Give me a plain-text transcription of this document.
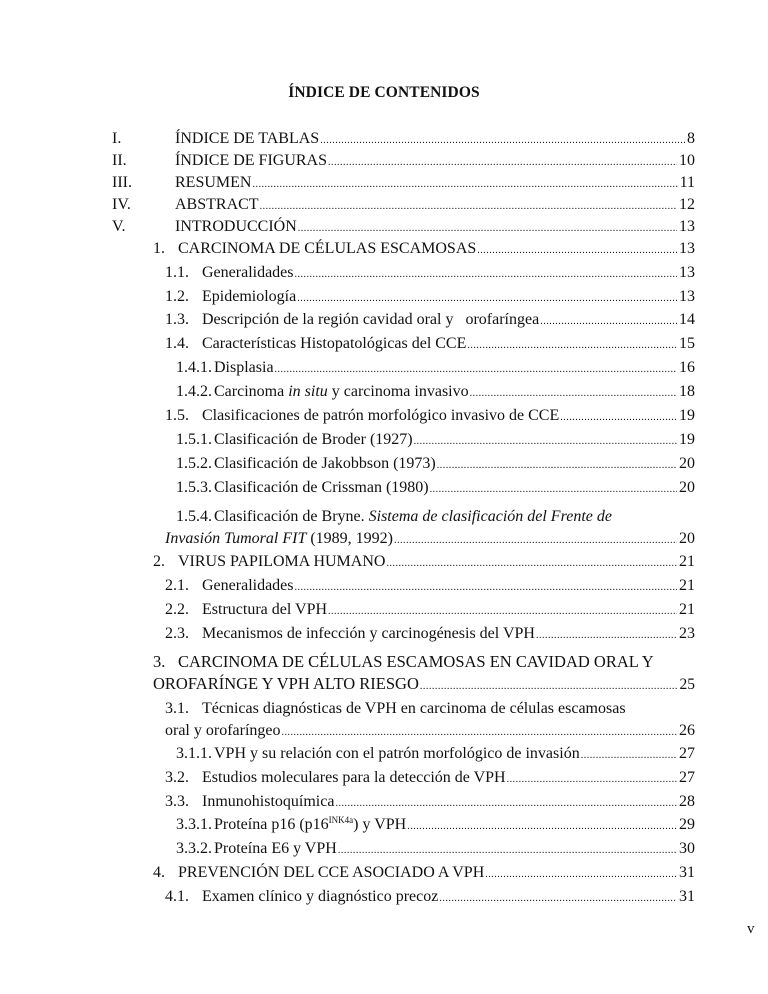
ÍNDICE DE CONTENIDOS
I.	ÍNDICE DE TABLAS .....	8
II.	ÍNDICE DE FIGURAS .....	10
III.	RESUMEN .....	11
IV.	ABSTRACT .....	12
V.	INTRODUCCIÓN .....	13
1. CARCINOMA DE CÉLULAS ESCAMOSAS .....	13
1.1. Generalidades .....	13
1.2. Epidemiología .....	13
1.3. Descripción de la región cavidad oral y   orofaríngea .....	14
1.4. Características Histopatológicas del CCE .....	15
1.4.1. Displasia .....	16
1.4.2. Carcinoma in situ y carcinoma invasivo .....	18
1.5. Clasificaciones de patrón morfológico invasivo de CCE .....	19
1.5.1. Clasificación de Broder (1927) .....	19
1.5.2. Clasificación de Jakobbson (1973) .....	20
1.5.3. Clasificación de Crissman (1980) .....	20
1.5.4. Clasificación de Bryne. Sistema de clasificación del Frente de
Invasión Tumoral FIT (1989, 1992) .....	20
2. VIRUS PAPILOMA HUMANO .....	21
2.1. Generalidades .....	21
2.2. Estructura del VPH .....	21
2.3. Mecanismos de infección y carcinogénesis del VPH .....	23
3. CARCINOMA DE CÉLULAS ESCAMOSAS EN CAVIDAD ORAL Y
OROFARÍNGE Y VPH ALTO RIESGO .....	25
3.1. Técnicas diagnósticas de VPH en carcinoma de células escamosas
oral y orofaríngeo .....	26
3.1.1. VPH y su relación con el patrón morfológico de invasión .....	27
3.2. Estudios moleculares para la detección de VPH .....	27
3.3. Inmunohistoquímica .....	28
3.3.1. Proteína p16 $(p16^{INK4a})$ y VPH .....	29
3.3.2. Proteína E6 y VPH .....	30
4. PREVENCIÓN DEL CCE ASOCIADO A VPH .....	31
4.1. Examen clínico y diagnóstico precoz .....	31
v
